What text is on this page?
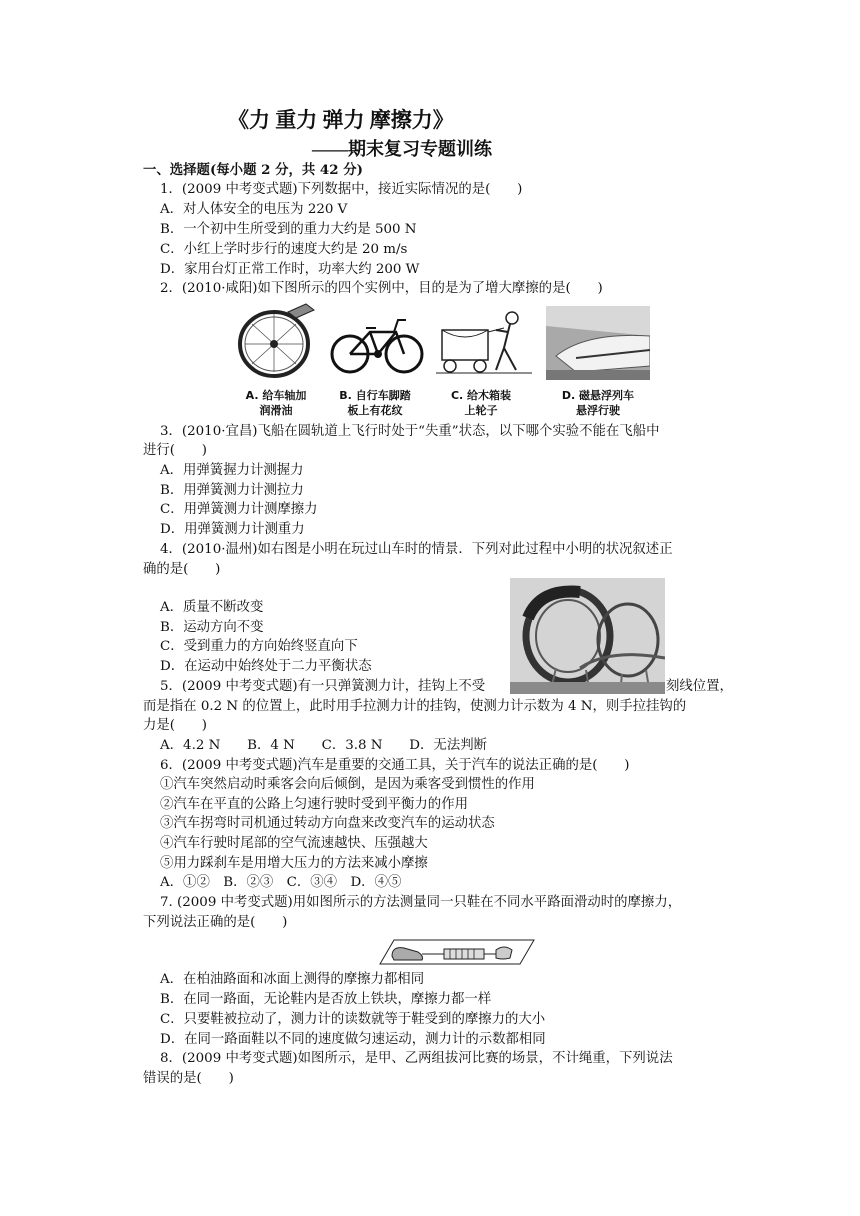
《力 重力 弹力 摩擦力》
——期末复习专题训练
一、选择题(每小题 2 分，共 42 分)
1．(2009 中考变式题)下列数据中，接近实际情况的是(　　)
A．对人体安全的电压为 220 V
B．一个初中生所受到的重力大约是 500 N
C．小红上学时步行的速度大约是 20 m/s
D．家用台灯正常工作时，功率大约 200 W
2．(2010·咸阳)如下图所示的四个实例中，目的是为了增大摩擦的是(　　)
A. 给车轴加
润滑油
B. 自行车脚踏
板上有花纹
C. 给木箱装
上轮子
D. 磁悬浮列车
悬浮行驶
3．(2010·宜昌)飞船在圆轨道上飞行时处于“失重”状态，以下哪个实验不能在飞船中
进行(　　)
A．用弹簧握力计测握力
B．用弹簧测力计测拉力
C．用弹簧测力计测摩擦力
D．用弹簧测力计测重力
4．(2010·温州)如右图是小明在玩过山车时的情景．下列对此过程中小明的状况叙述正
确的是(　　)
A．质量不断改变
B．运动方向不变
C．受到重力的方向始终竖直向下
D．在运动中始终处于二力平衡状态
5．(2009 中考变式题)有一只弹簧测力计，挂钩上不受	刻线位置，
而是指在 0.2 N 的位置上，此时用手拉测力计的挂钩，使测力计示数为 4 N，则手拉挂钩的
力是(　　)
A．4.2 N　　B．4 N　　C．3.8 N　　D．无法判断
6．(2009 中考变式题)汽车是重要的交通工具，关于汽车的说法正确的是(　　)
①汽车突然启动时乘客会向后倾倒，是因为乘客受到惯性的作用
②汽车在平直的公路上匀速行驶时受到平衡力的作用
③汽车拐弯时司机通过转动方向盘来改变汽车的运动状态
④汽车行驶时尾部的空气流速越快、压强越大
⑤用力踩刹车是用增大压力的方法来减小摩擦
A．①②　B．②③　C．③④　D．④⑤
7. (2009 中考变式题)用如图所示的方法测量同一只鞋在不同水平路面滑动时的摩擦力，
下列说法正确的是(　　)
A．在柏油路面和冰面上测得的摩擦力都相同
B．在同一路面，无论鞋内是否放上铁块，摩擦力都一样
C．只要鞋被拉动了，测力计的读数就等于鞋受到的摩擦力的大小
D．在同一路面鞋以不同的速度做匀速运动，测力计的示数都相同
8．(2009 中考变式题)如图所示，是甲、乙两组拔河比赛的场景，不计绳重，下列说法
错误的是(　　)
